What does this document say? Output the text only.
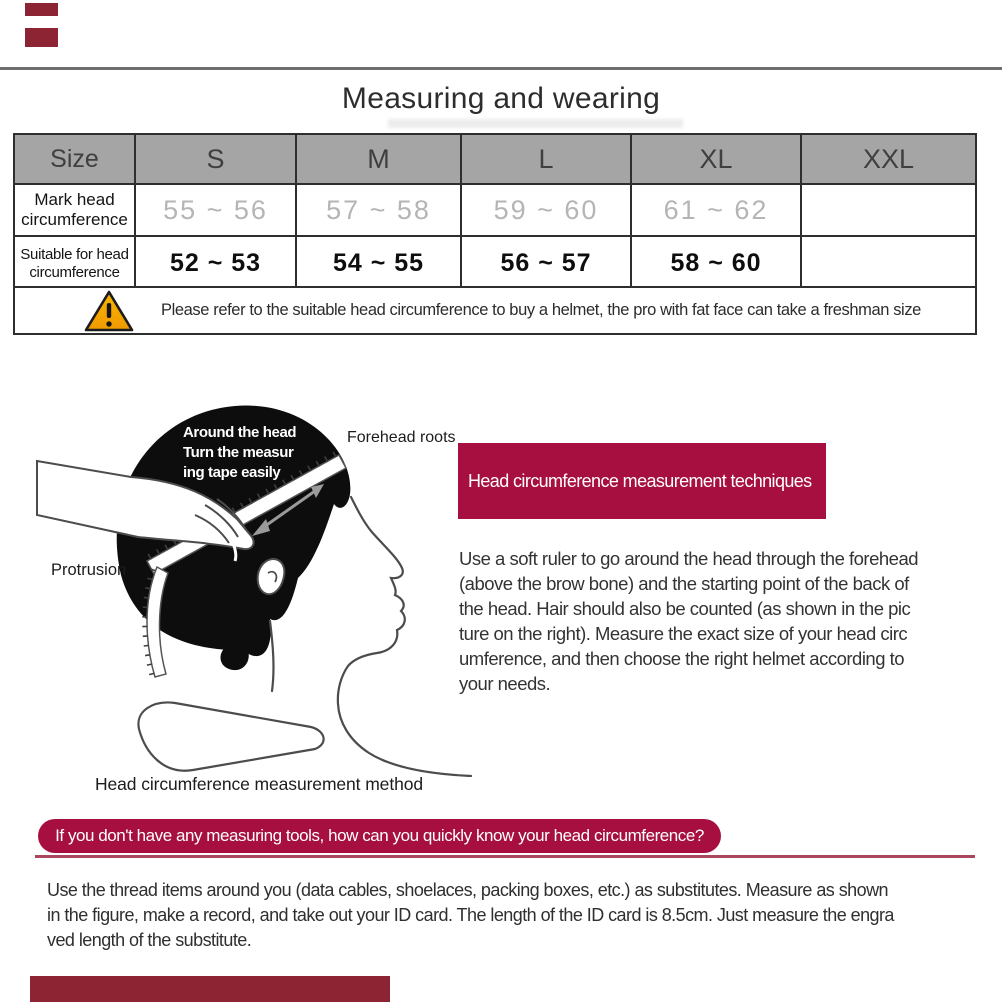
Measuring and wearing
Size	S	M	L	XL	XXL
Mark head circumference	55 ~ 56	57 ~ 58	59 ~ 60	61 ~ 62
Suitable for head circumference	52 ~ 53	54 ~ 55	56 ~ 57	58 ~ 60
Please refer to the suitable head circumference to buy a helmet, the pro with fat face can take a freshman size
Around the head
Turn the measur
ing tape easily
Forehead roots
Protrusion
Head circumference measurement method
Head circumference measurement techniques
Use a soft ruler to go around the head through the forehead
(above the brow bone) and the starting point of the back of
the head. Hair should also be counted (as shown in the pic
ture on the right). Measure the exact size of your head circ
umference, and then choose the right helmet according to
your needs.
If you don't have any measuring tools, how can you quickly know your head circumference?
Use the thread items around you (data cables, shoelaces, packing boxes, etc.) as substitutes. Measure as shown
in the figure, make a record, and take out your ID card. The length of the ID card is 8.5cm. Just measure the engra
ved length of the substitute.
